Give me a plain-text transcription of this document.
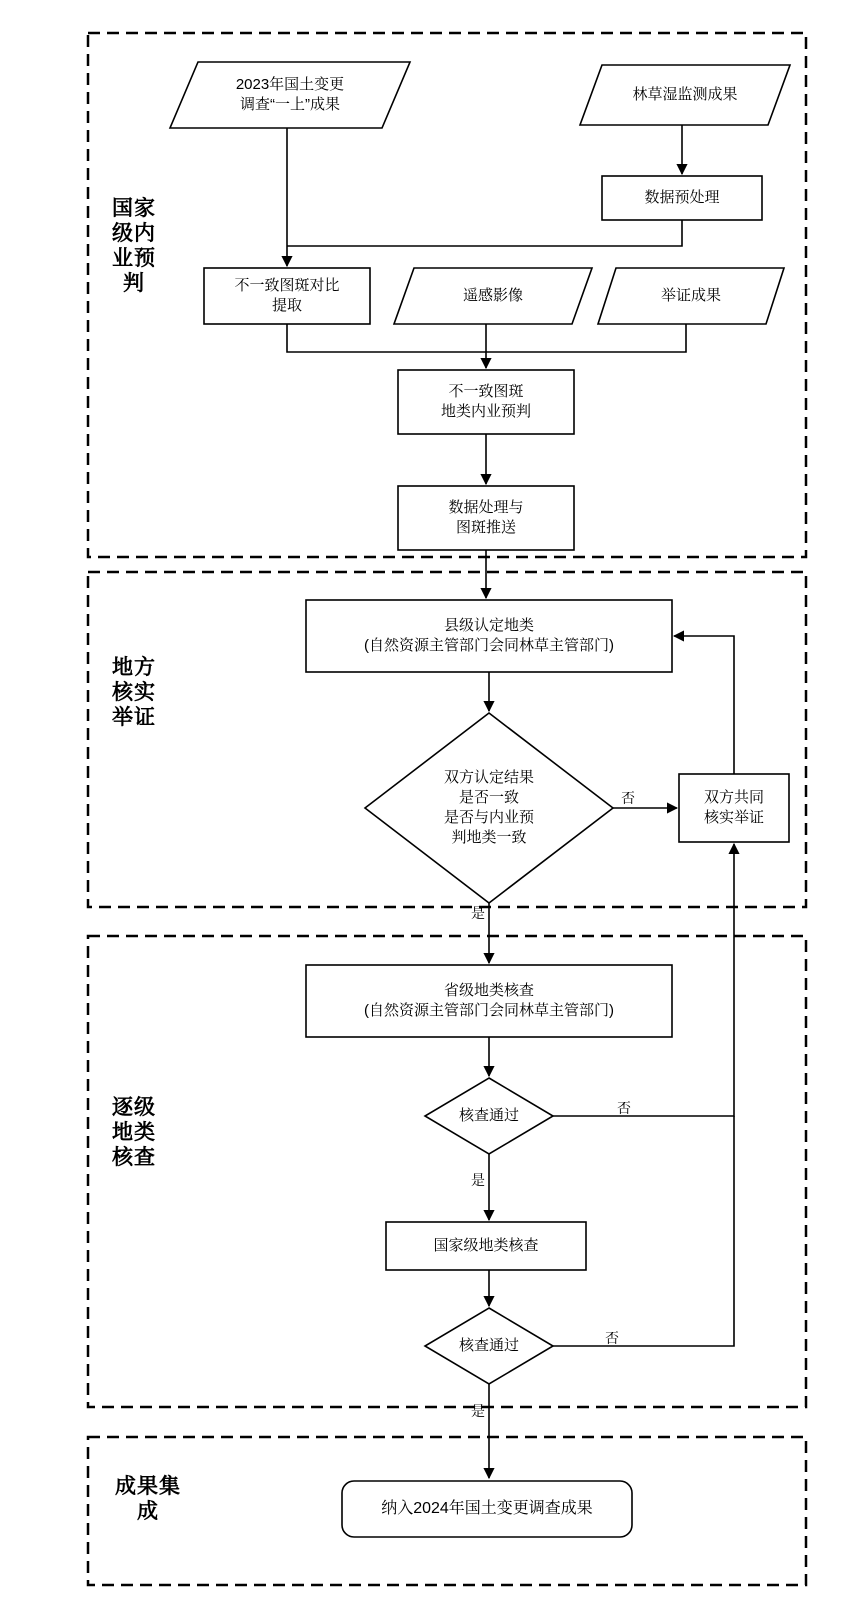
国家级内业预判
地方核实举证
逐级地类核查
成果集成
2023年国土变更
调查“一上”成果
林草湿监测成果
数据预处理
不一致图斑对比
提取
遥感影像	举证成果
不一致图斑
地类内业预判
数据处理与
图斑推送
县级认定地类
(自然资源主管部门会同林草主管部门)
双方认定结果
是否一致
是否与内业预
判地类一致
双方共同
核实举证
省级地类核查
(自然资源主管部门会同林草主管部门)
核查通过
国家级地类核查
核查通过
纳入2024年国土变更调查成果
否
是
否
是
否
是
